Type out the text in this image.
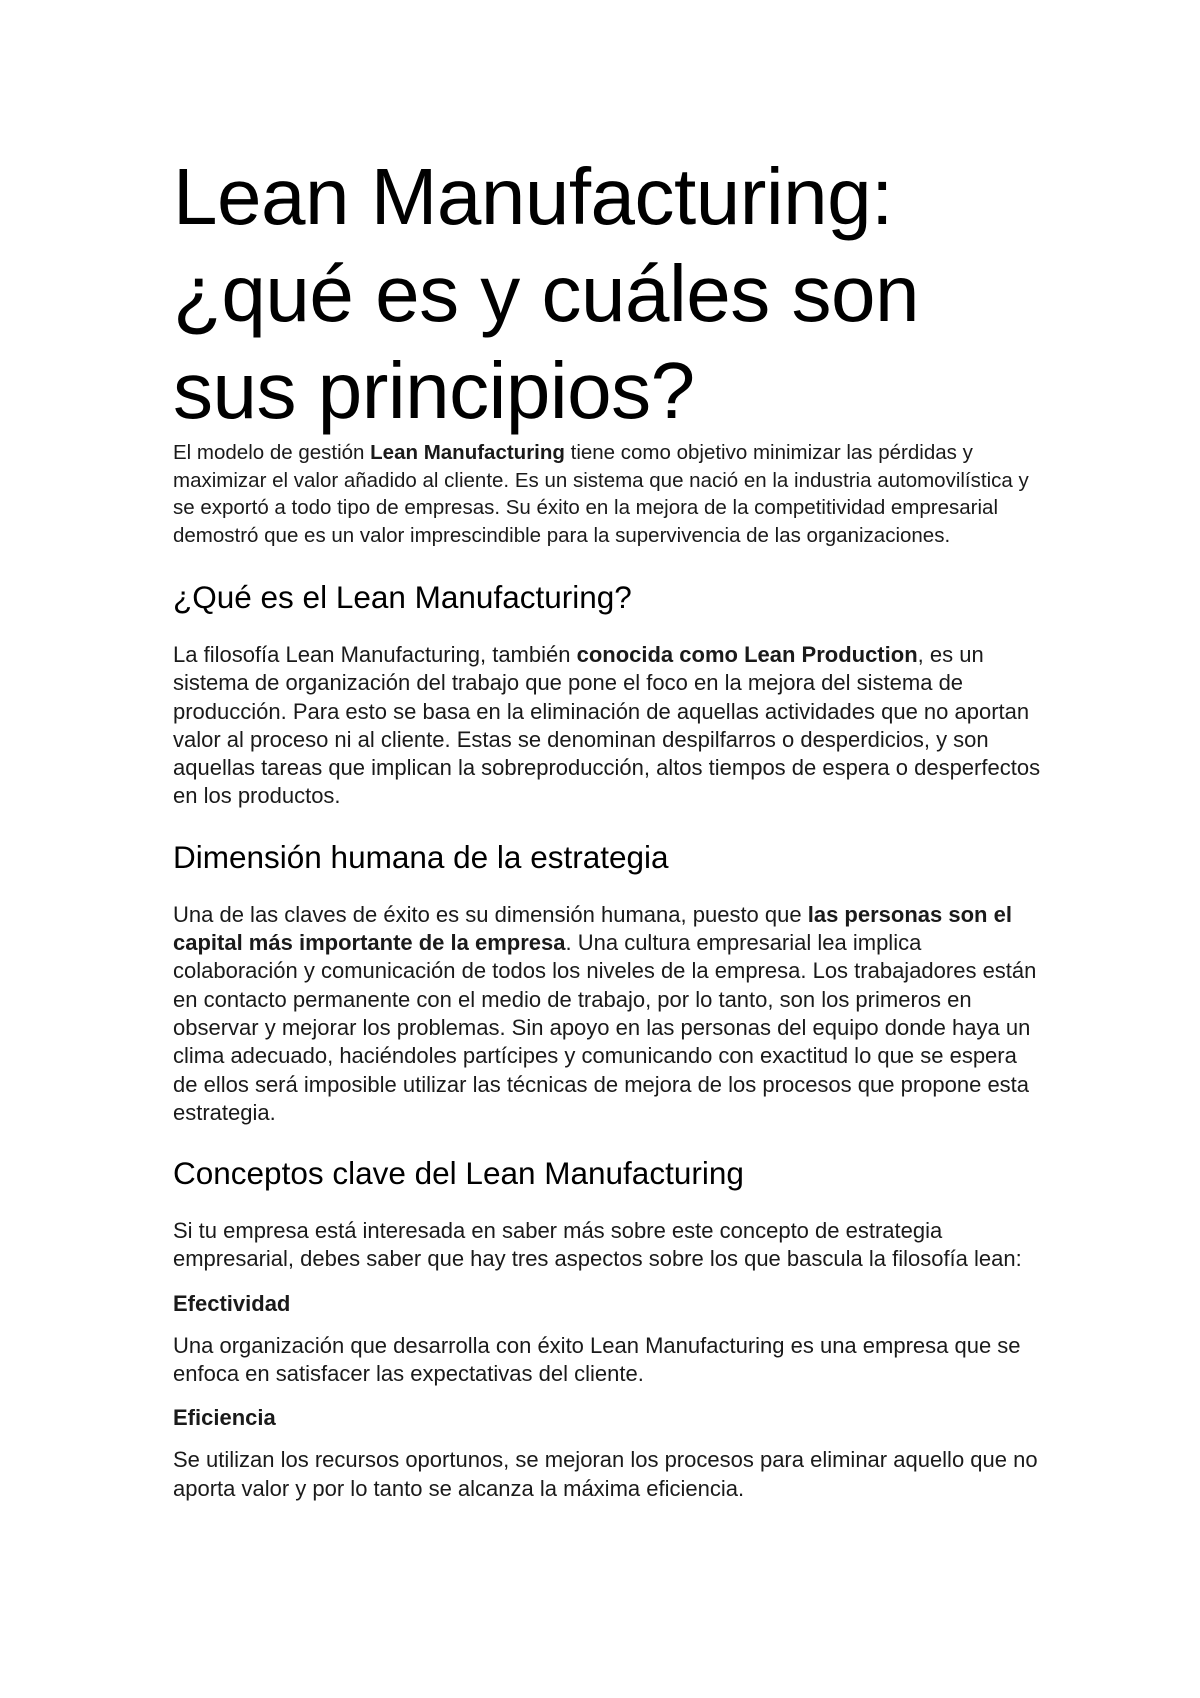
Lean Manufacturing: ¿qué es y cuáles son sus principios?

El modelo de gestión Lean Manufacturing tiene como objetivo minimizar las pérdidas y maximizar el valor añadido al cliente. Es un sistema que nació en la industria automovilística y se exportó a todo tipo de empresas. Su éxito en la mejora de la competitividad empresarial demostró que es un valor imprescindible para la supervivencia de las organizaciones.

¿Qué es el Lean Manufacturing?

La filosofía Lean Manufacturing, también conocida como Lean Production, es un sistema de organización del trabajo que pone el foco en la mejora del sistema de producción. Para esto se basa en la eliminación de aquellas actividades que no aportan valor al proceso ni al cliente. Estas se denominan despilfarros o desperdicios, y son aquellas tareas que implican la sobreproducción, altos tiempos de espera o desperfectos en los productos.

Dimensión humana de la estrategia

Una de las claves de éxito es su dimensión humana, puesto que las personas son el capital más importante de la empresa. Una cultura empresarial lea implica colaboración y comunicación de todos los niveles de la empresa. Los trabajadores están en contacto permanente con el medio de trabajo, por lo tanto, son los primeros en observar y mejorar los problemas. Sin apoyo en las personas del equipo donde haya un clima adecuado, haciéndoles partícipes y comunicando con exactitud lo que se espera de ellos será imposible utilizar las técnicas de mejora de los procesos que propone esta estrategia.

Conceptos clave del Lean Manufacturing

Si tu empresa está interesada en saber más sobre este concepto de estrategia empresarial, debes saber que hay tres aspectos sobre los que bascula la filosofía lean:

Efectividad

Una organización que desarrolla con éxito Lean Manufacturing es una empresa que se enfoca en satisfacer las expectativas del cliente.

Eficiencia

Se utilizan los recursos oportunos, se mejoran los procesos para eliminar aquello que no aporta valor y por lo tanto se alcanza la máxima eficiencia.
